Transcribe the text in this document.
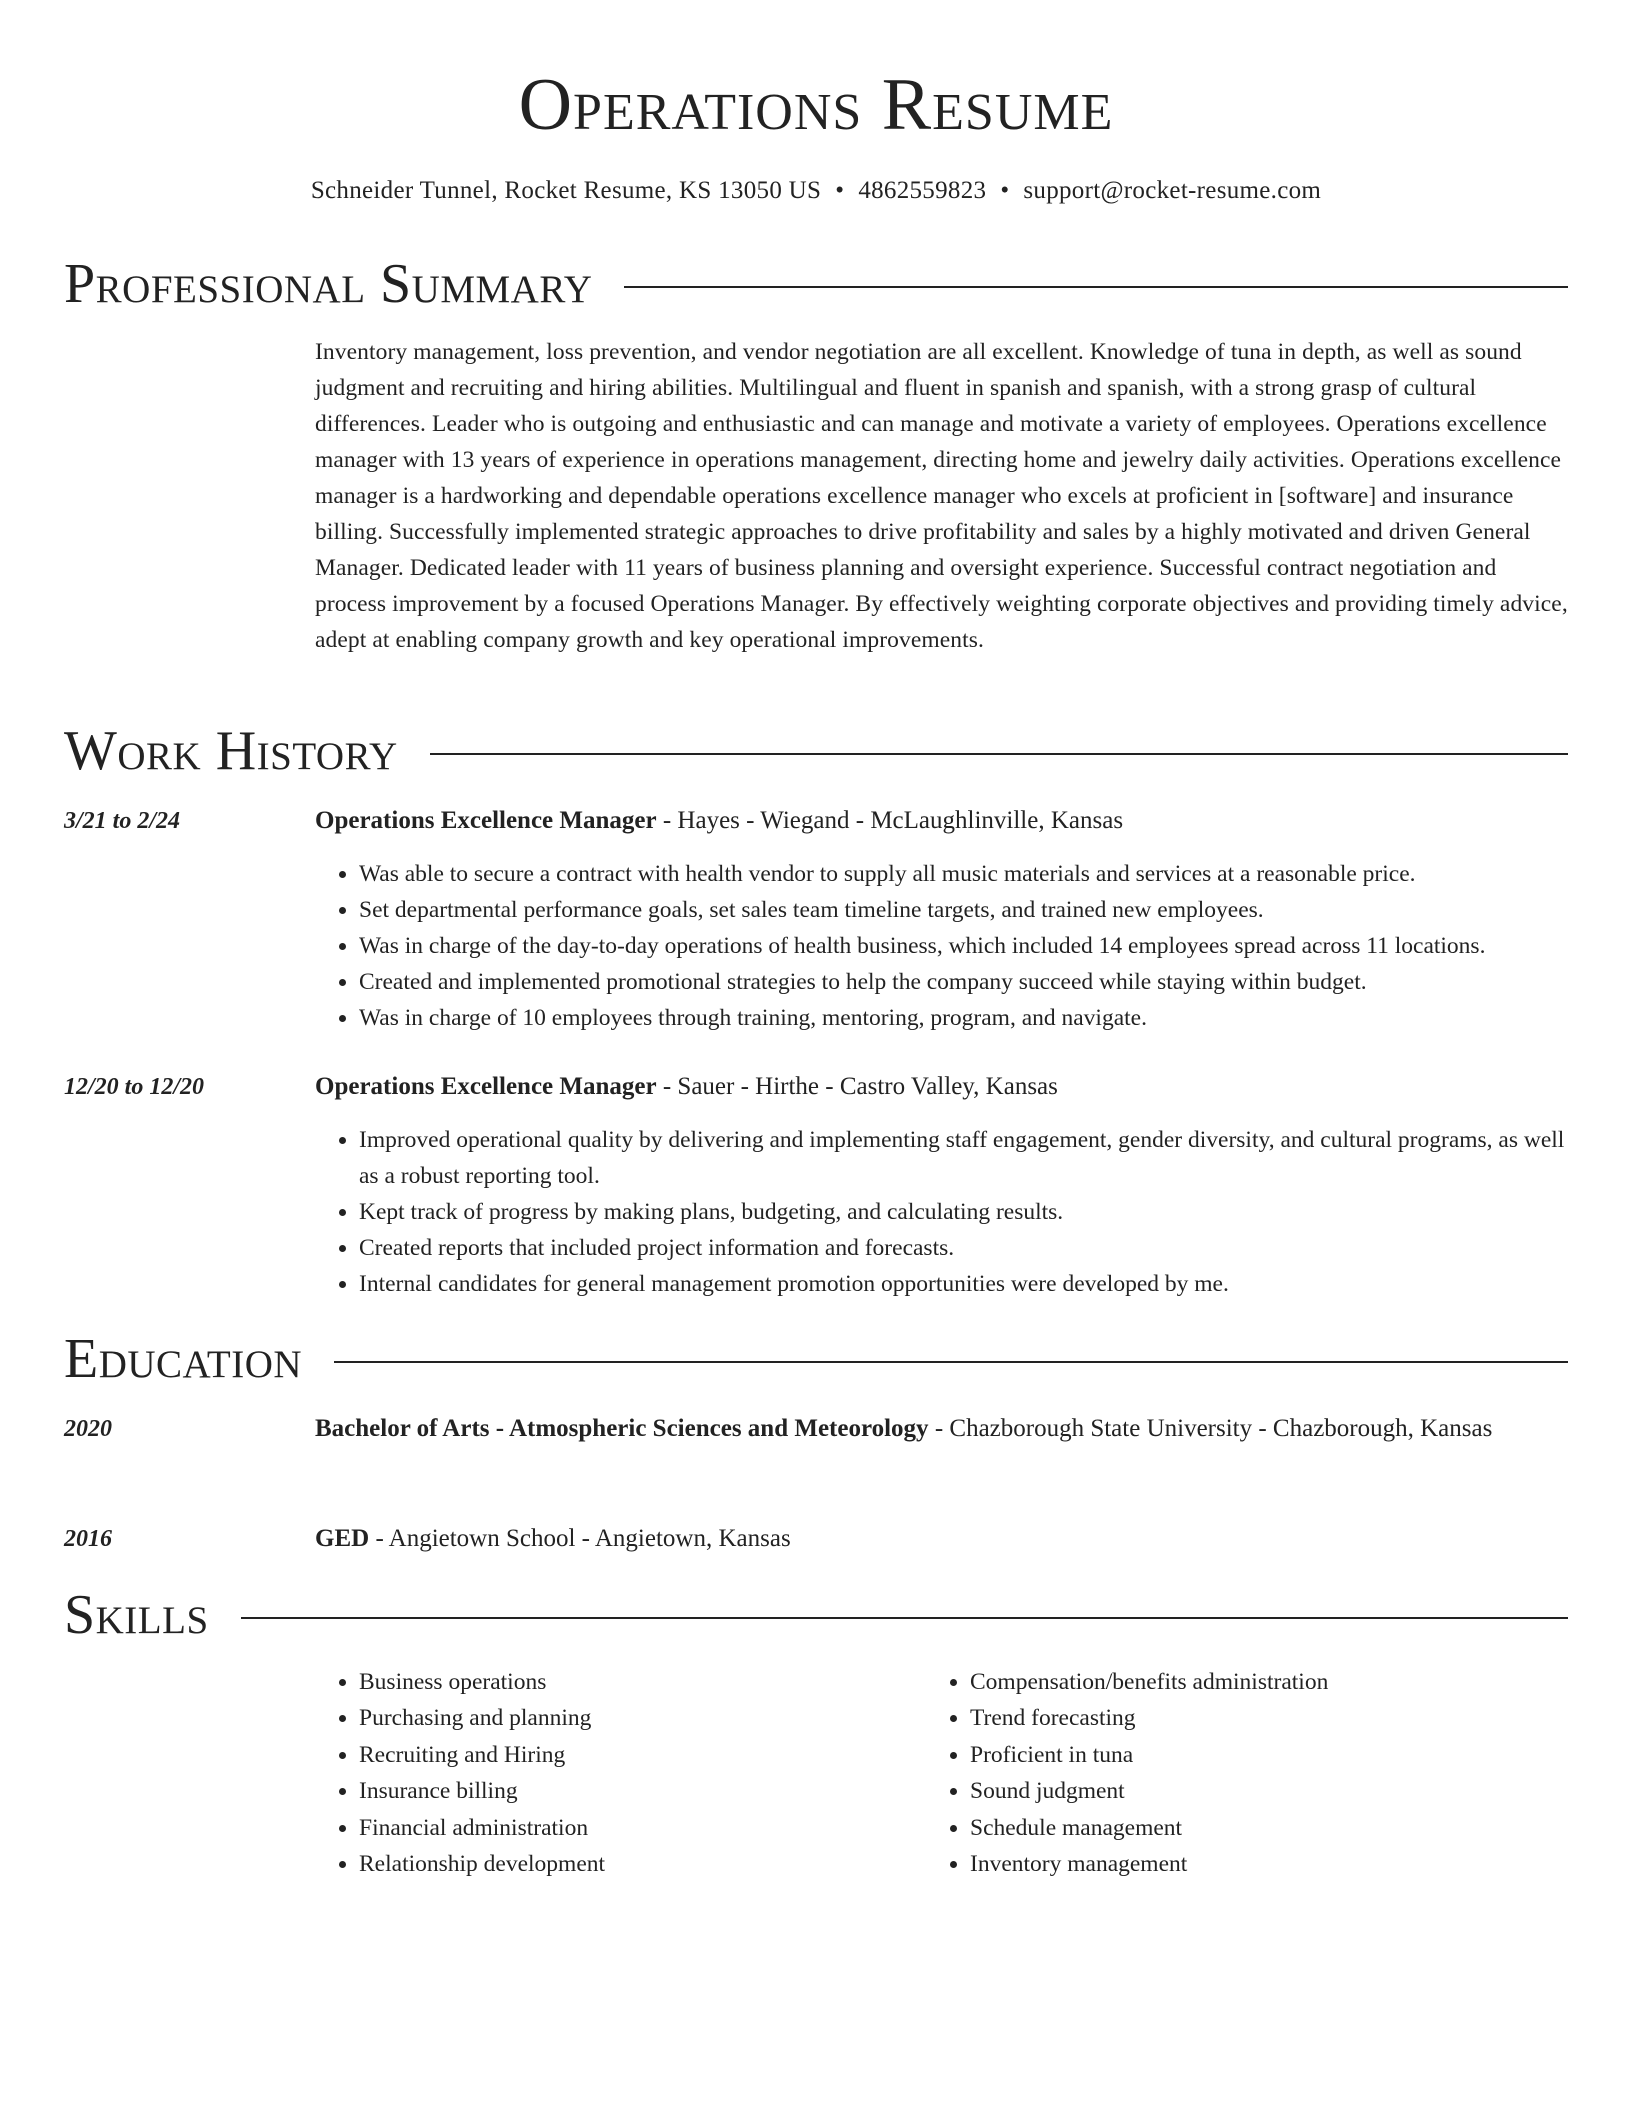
Operations Resume
Schneider Tunnel, Rocket Resume, KS 13050 US • 4862559823 • support@rocket-resume.com
Professional Summary
Inventory management, loss prevention, and vendor negotiation are all excellent. Knowledge of tuna in depth, as well as sound judgment and recruiting and hiring abilities. Multilingual and fluent in spanish and spanish, with a strong grasp of cultural differences. Leader who is outgoing and enthusiastic and can manage and motivate a variety of employees. Operations excellence manager with 13 years of experience in operations management, directing home and jewelry daily activities. Operations excellence manager is a hardworking and dependable operations excellence manager who excels at proficient in [software] and insurance billing. Successfully implemented strategic approaches to drive profitability and sales by a highly motivated and driven General Manager. Dedicated leader with 11 years of business planning and oversight experience. Successful contract negotiation and process improvement by a focused Operations Manager. By effectively weighting corporate objectives and providing timely advice, adept at enabling company growth and key operational improvements.
Work History
3/21 to 2/24	Operations Excellence Manager - Hayes - Wiegand - McLaughlinville, Kansas
• Was able to secure a contract with health vendor to supply all music materials and services at a reasonable price.
• Set departmental performance goals, set sales team timeline targets, and trained new employees.
• Was in charge of the day-to-day operations of health business, which included 14 employees spread across 11 locations.
• Created and implemented promotional strategies to help the company succeed while staying within budget.
• Was in charge of 10 employees through training, mentoring, program, and navigate.
12/20 to 12/20	Operations Excellence Manager - Sauer - Hirthe - Castro Valley, Kansas
• Improved operational quality by delivering and implementing staff engagement, gender diversity, and cultural programs, as well as a robust reporting tool.
• Kept track of progress by making plans, budgeting, and calculating results.
• Created reports that included project information and forecasts.
• Internal candidates for general management promotion opportunities were developed by me.
Education
2020	Bachelor of Arts - Atmospheric Sciences and Meteorology - Chazborough State University - Chazborough, Kansas
2016	GED - Angietown School - Angietown, Kansas
Skills
• Business operations
• Purchasing and planning
• Recruiting and Hiring
• Insurance billing
• Financial administration
• Relationship development
• Compensation/benefits administration
• Trend forecasting
• Proficient in tuna
• Sound judgment
• Schedule management
• Inventory management
